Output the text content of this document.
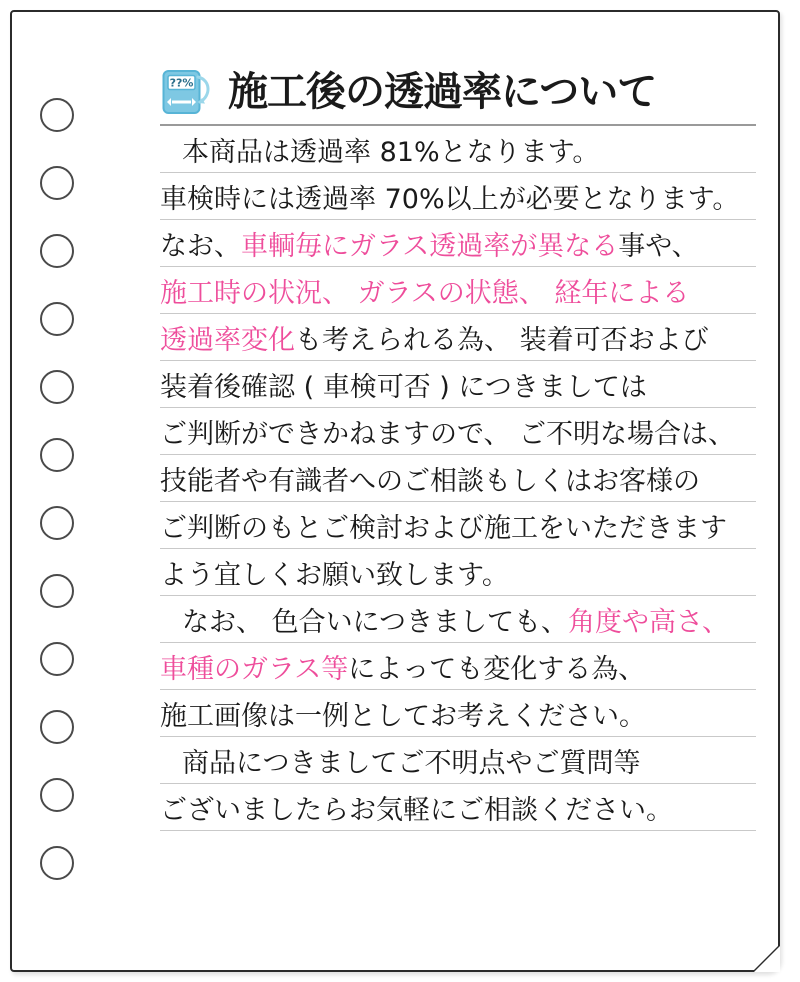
??% 施工後の透過率について
本商品は透過率 81%となります。
車検時には透過率 70%以上が必要となります。
なお、 車輌毎にガラス透過率が異なる 事や、
施工時の状況、 ガラスの状態、 経年による
透過率変化 も考えられる為、 装着可否および
装着後確認 ( 車検可否 ) につきましては
ご判断ができかねますので、 ご不明な場合は、
技能者や有識者へのご相談もしくはお客様の
ご判断のもとご検討および施工をいただきます
よう宜しくお願い致します。
なお、 色合いにつきましても、 角度や高さ、
車種のガラス等 によっても変化する為、
施工画像は一例としてお考えください。
商品につきましてご不明点やご質問等
ございましたらお気軽にご相談ください。
